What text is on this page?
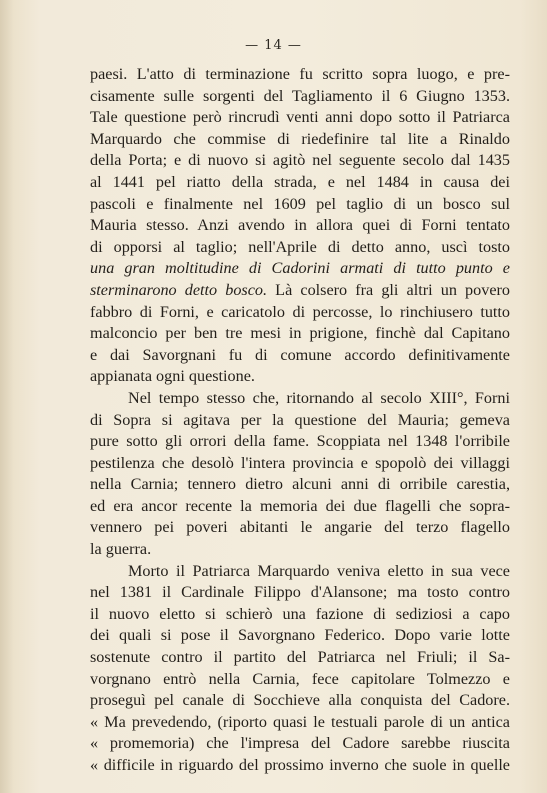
— 14 —
paesi. L'atto di terminazione fu scritto sopra luogo, e pre-
cisamente sulle sorgenti del Tagliamento il 6 Giugno 1353.
Tale questione però rincrudì venti anni dopo sotto il Patriarca
Marquardo che commise di riedefinire tal lite a Rinaldo
della Porta; e di nuovo si agitò nel seguente secolo dal 1435
al 1441 pel riatto della strada, e nel 1484 in causa dei
pascoli e finalmente nel 1609 pel taglio di un bosco sul
Mauria stesso. Anzi avendo in allora quei di Forni tentato
di opporsi al taglio; nell'Aprile di detto anno, uscì tosto
una gran moltitudine di Cadorini armati di tutto punto e
sterminarono detto bosco. Là colsero fra gli altri un povero
fabbro di Forni, e caricatolo di percosse, lo rinchiusero tutto
malconcio per ben tre mesi in prigione, finchè dal Capitano
e dai Savorgnani fu di comune accordo definitivamente
appianata ogni questione.
Nel tempo stesso che, ritornando al secolo XIII°, Forni
di Sopra si agitava per la questione del Mauria; gemeva
pure sotto gli orrori della fame. Scoppiata nel 1348 l'orribile
pestilenza che desolò l'intera provincia e spopolò dei villaggi
nella Carnia; tennero dietro alcuni anni di orribile carestia,
ed era ancor recente la memoria dei due flagelli che sopra-
vennero pei poveri abitanti le angarie del terzo flagello
la guerra.
Morto il Patriarca Marquardo veniva eletto in sua vece
nel 1381 il Cardinale Filippo d'Alansone; ma tosto contro
il nuovo eletto si schierò una fazione di sediziosi a capo
dei quali si pose il Savorgnano Federico. Dopo varie lotte
sostenute contro il partito del Patriarca nel Friuli; il Sa-
vorgnano entrò nella Carnia, fece capitolare Tolmezzo e
proseguì pel canale di Socchieve alla conquista del Cadore.
« Ma prevedendo, (riporto quasi le testuali parole di un antica
« promemoria) che l'impresa del Cadore sarebbe riuscita
« difficile in riguardo del prossimo inverno che suole in quelle
